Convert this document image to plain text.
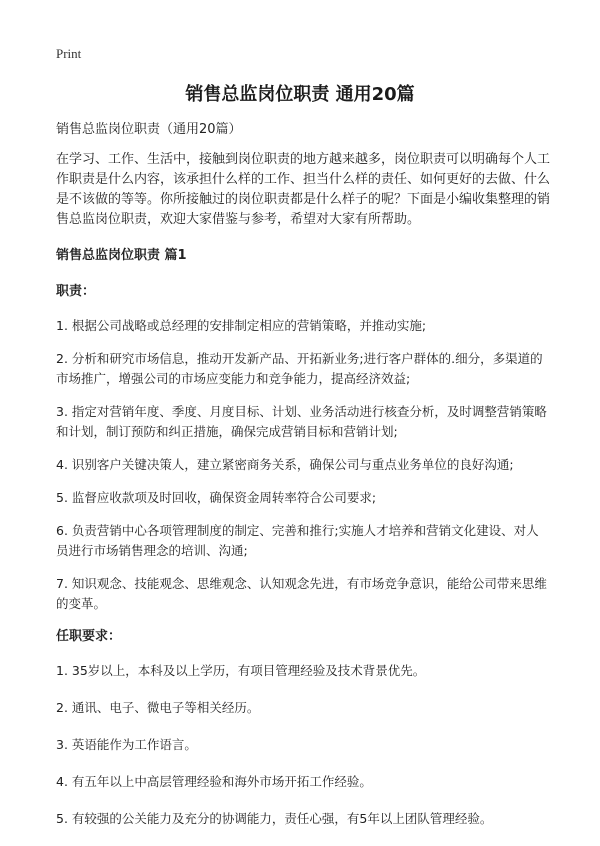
Print
销售总监岗位职责 通用20篇

销售总监岗位职责（通用20篇）

在学习、工作、生活中，接触到岗位职责的地方越来越多，岗位职责可以明确每个人工作职责是什么内容，该承担什么样的工作、担当什么样的责任、如何更好的去做、什么是不该做的等等。你所接触过的岗位职责都是什么样子的呢？下面是小编收集整理的销售总监岗位职责，欢迎大家借鉴与参考，希望对大家有所帮助。

销售总监岗位职责 篇1

职责：

1. 根据公司战略或总经理的安排制定相应的营销策略，并推动实施;

2. 分析和研究市场信息，推动开发新产品、开拓新业务;进行客户群体的.细分，多渠道的市场推广，增强公司的市场应变能力和竞争能力，提高经济效益;

3. 指定对营销年度、季度、月度目标、计划、业务活动进行核查分析，及时调整营销策略和计划，制订预防和纠正措施，确保完成营销目标和营销计划;

4. 识别客户关键决策人，建立紧密商务关系，确保公司与重点业务单位的良好沟通;

5. 监督应收款项及时回收，确保资金周转率符合公司要求;

6. 负责营销中心各项管理制度的制定、完善和推行;实施人才培养和营销文化建设、对人员进行市场销售理念的培训、沟通;

7. 知识观念、技能观念、思维观念、认知观念先进，有市场竞争意识，能给公司带来思维的变革。

任职要求：

1. 35岁以上，本科及以上学历，有项目管理经验及技术背景优先。

2. 通讯、电子、微电子等相关经历。

3. 英语能作为工作语言。

4. 有五年以上中高层管理经验和海外市场开拓工作经验。

5. 有较强的公关能力及充分的协调能力，责任心强，有5年以上团队管理经验。
